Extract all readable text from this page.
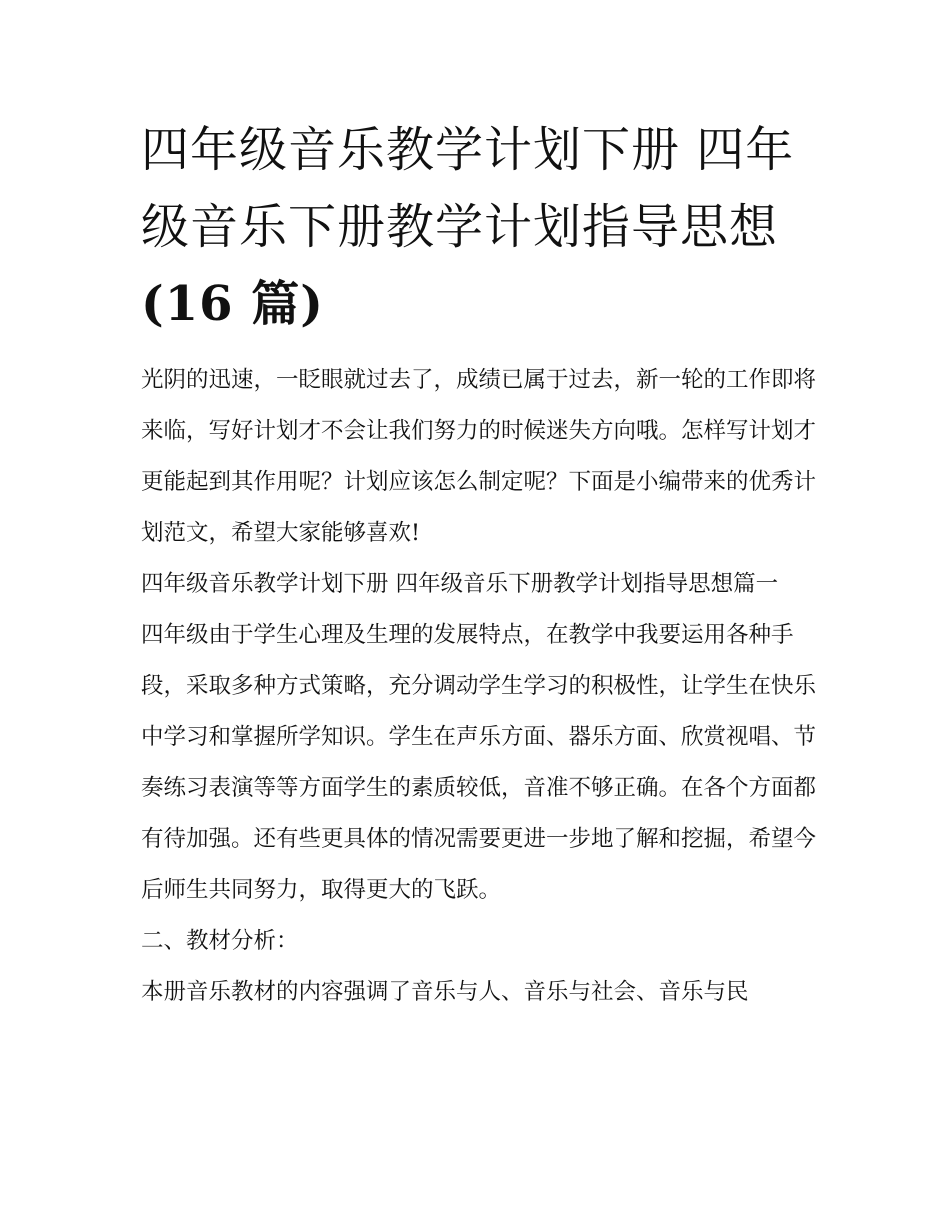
四年级音乐教学计划下册 四年
级音乐下册教学计划指导思想
(16 篇)

光阴的迅速，一眨眼就过去了，成绩已属于过去，新一轮的工作即将来临，写好计划才不会让我们努力的时候迷失方向哦。怎样写计划才更能起到其作用呢？计划应该怎么制定呢？下面是小编带来的优秀计划范文，希望大家能够喜欢!

四年级音乐教学计划下册 四年级音乐下册教学计划指导思想篇一

四年级由于学生心理及生理的发展特点，在教学中我要运用各种手段，采取多种方式策略，充分调动学生学习的积极性，让学生在快乐中学习和掌握所学知识。学生在声乐方面、器乐方面、欣赏视唱、节奏练习表演等等方面学生的素质较低，音准不够正确。在各个方面都有待加强。还有些更具体的情况需要更进一步地了解和挖掘，希望今后师生共同努力，取得更大的飞跃。

二、教材分析：

本册音乐教材的内容强调了音乐与人、音乐与社会、音乐与民
